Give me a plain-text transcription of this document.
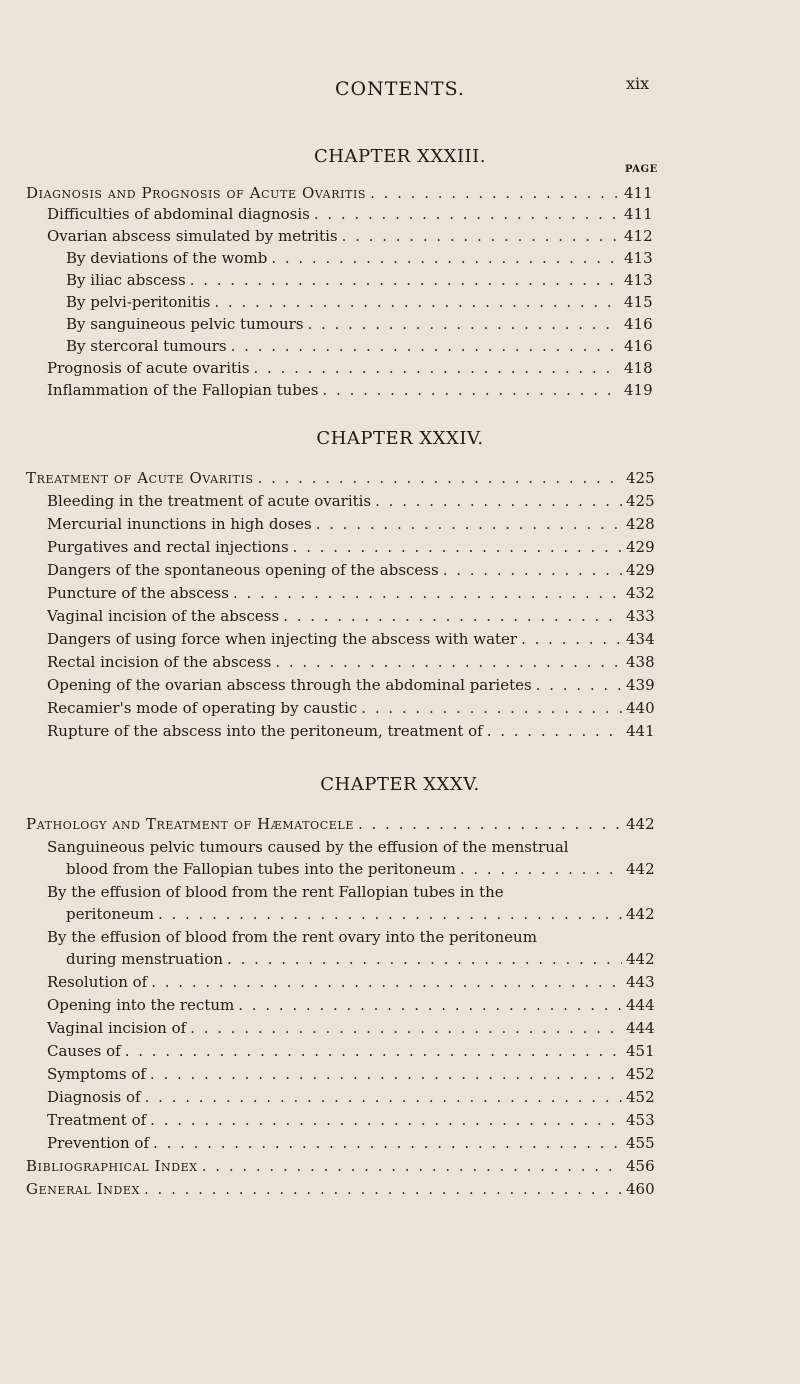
CONTENTS.	xix
CHAPTER XXXIII.
PAGE
Diagnosis and Prognosis of Acute Ovaritis . . .	411
Difficulties of abdominal diagnosis . . .	411
Ovarian abscess simulated by metritis . . .	412
By deviations of the womb . . .	413
By iliac abscess . . .	413
By pelvi-peritonitis . . .	415
By sanguineous pelvic tumours . . .	416
By stercoral tumours . . .	416
Prognosis of acute ovaritis . . .	418
Inflammation of the Fallopian tubes . . .	419
CHAPTER XXXIV.
Treatment of Acute Ovaritis . . .	425
Bleeding in the treatment of acute ovaritis . . .	425
Mercurial inunctions in high doses . . .	428
Purgatives and rectal injections . . .	429
Dangers of the spontaneous opening of the abscess . . .	429
Puncture of the abscess . . .	432
Vaginal incision of the abscess . . .	433
Dangers of using force when injecting the abscess with water . . .	434
Rectal incision of the abscess . . .	438
Opening of the ovarian abscess through the abdominal parietes . . .	439
Recamier's mode of operating by caustic . . .	440
Rupture of the abscess into the peritoneum, treatment of . . .	441
CHAPTER XXXV.
Pathology and Treatment of Hæmatocele . . .	442
Sanguineous pelvic tumours caused by the effusion of the menstrual
blood from the Fallopian tubes into the peritoneum . . .	442
By the effusion of blood from the rent Fallopian tubes in the
peritoneum . . .	442
By the effusion of blood from the rent ovary into the peritoneum
during menstruation . . .	442
Resolution of . . .	443
Opening into the rectum . . .	444
Vaginal incision of . . .	444
Causes of . . .	451
Symptoms of . . .	452
Diagnosis of . . .	452
Treatment of . . .	453
Prevention of . . .	455
Bibliographical Index . . .	456
General Index . . .	460
